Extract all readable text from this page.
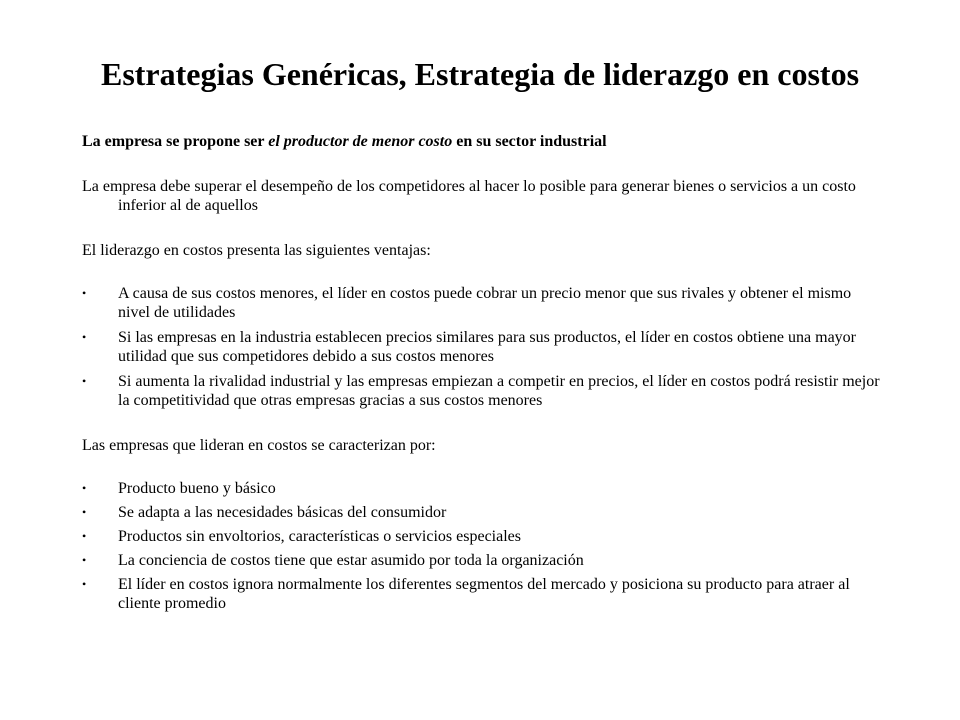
Estrategias Genéricas, Estrategia de liderazgo en costos

La empresa se propone ser el productor de menor costo en su sector industrial

La empresa debe superar el desempeño de los competidores al hacer lo posible para generar bienes o servicios a un costo inferior al de aquellos

El liderazgo en costos presenta las siguientes ventajas:

•	A causa de sus costos menores, el líder en costos puede cobrar un precio menor que sus rivales y obtener el mismo nivel de utilidades
•	Si las empresas en la industria establecen precios similares para sus productos, el líder en costos obtiene una mayor utilidad que sus competidores debido a sus costos menores
•	Si aumenta la rivalidad industrial y las empresas empiezan a competir en precios, el líder en costos podrá resistir mejor la competitividad que otras empresas gracias a sus costos menores

Las empresas que lideran en costos se caracterizan por:

•	Producto bueno y básico
•	Se adapta a las necesidades básicas del consumidor
•	Productos sin envoltorios, características o servicios especiales
•	La conciencia de costos tiene que estar asumido por toda la organización
•	El líder en costos ignora normalmente los diferentes segmentos del mercado y posiciona su producto para atraer al cliente promedio
